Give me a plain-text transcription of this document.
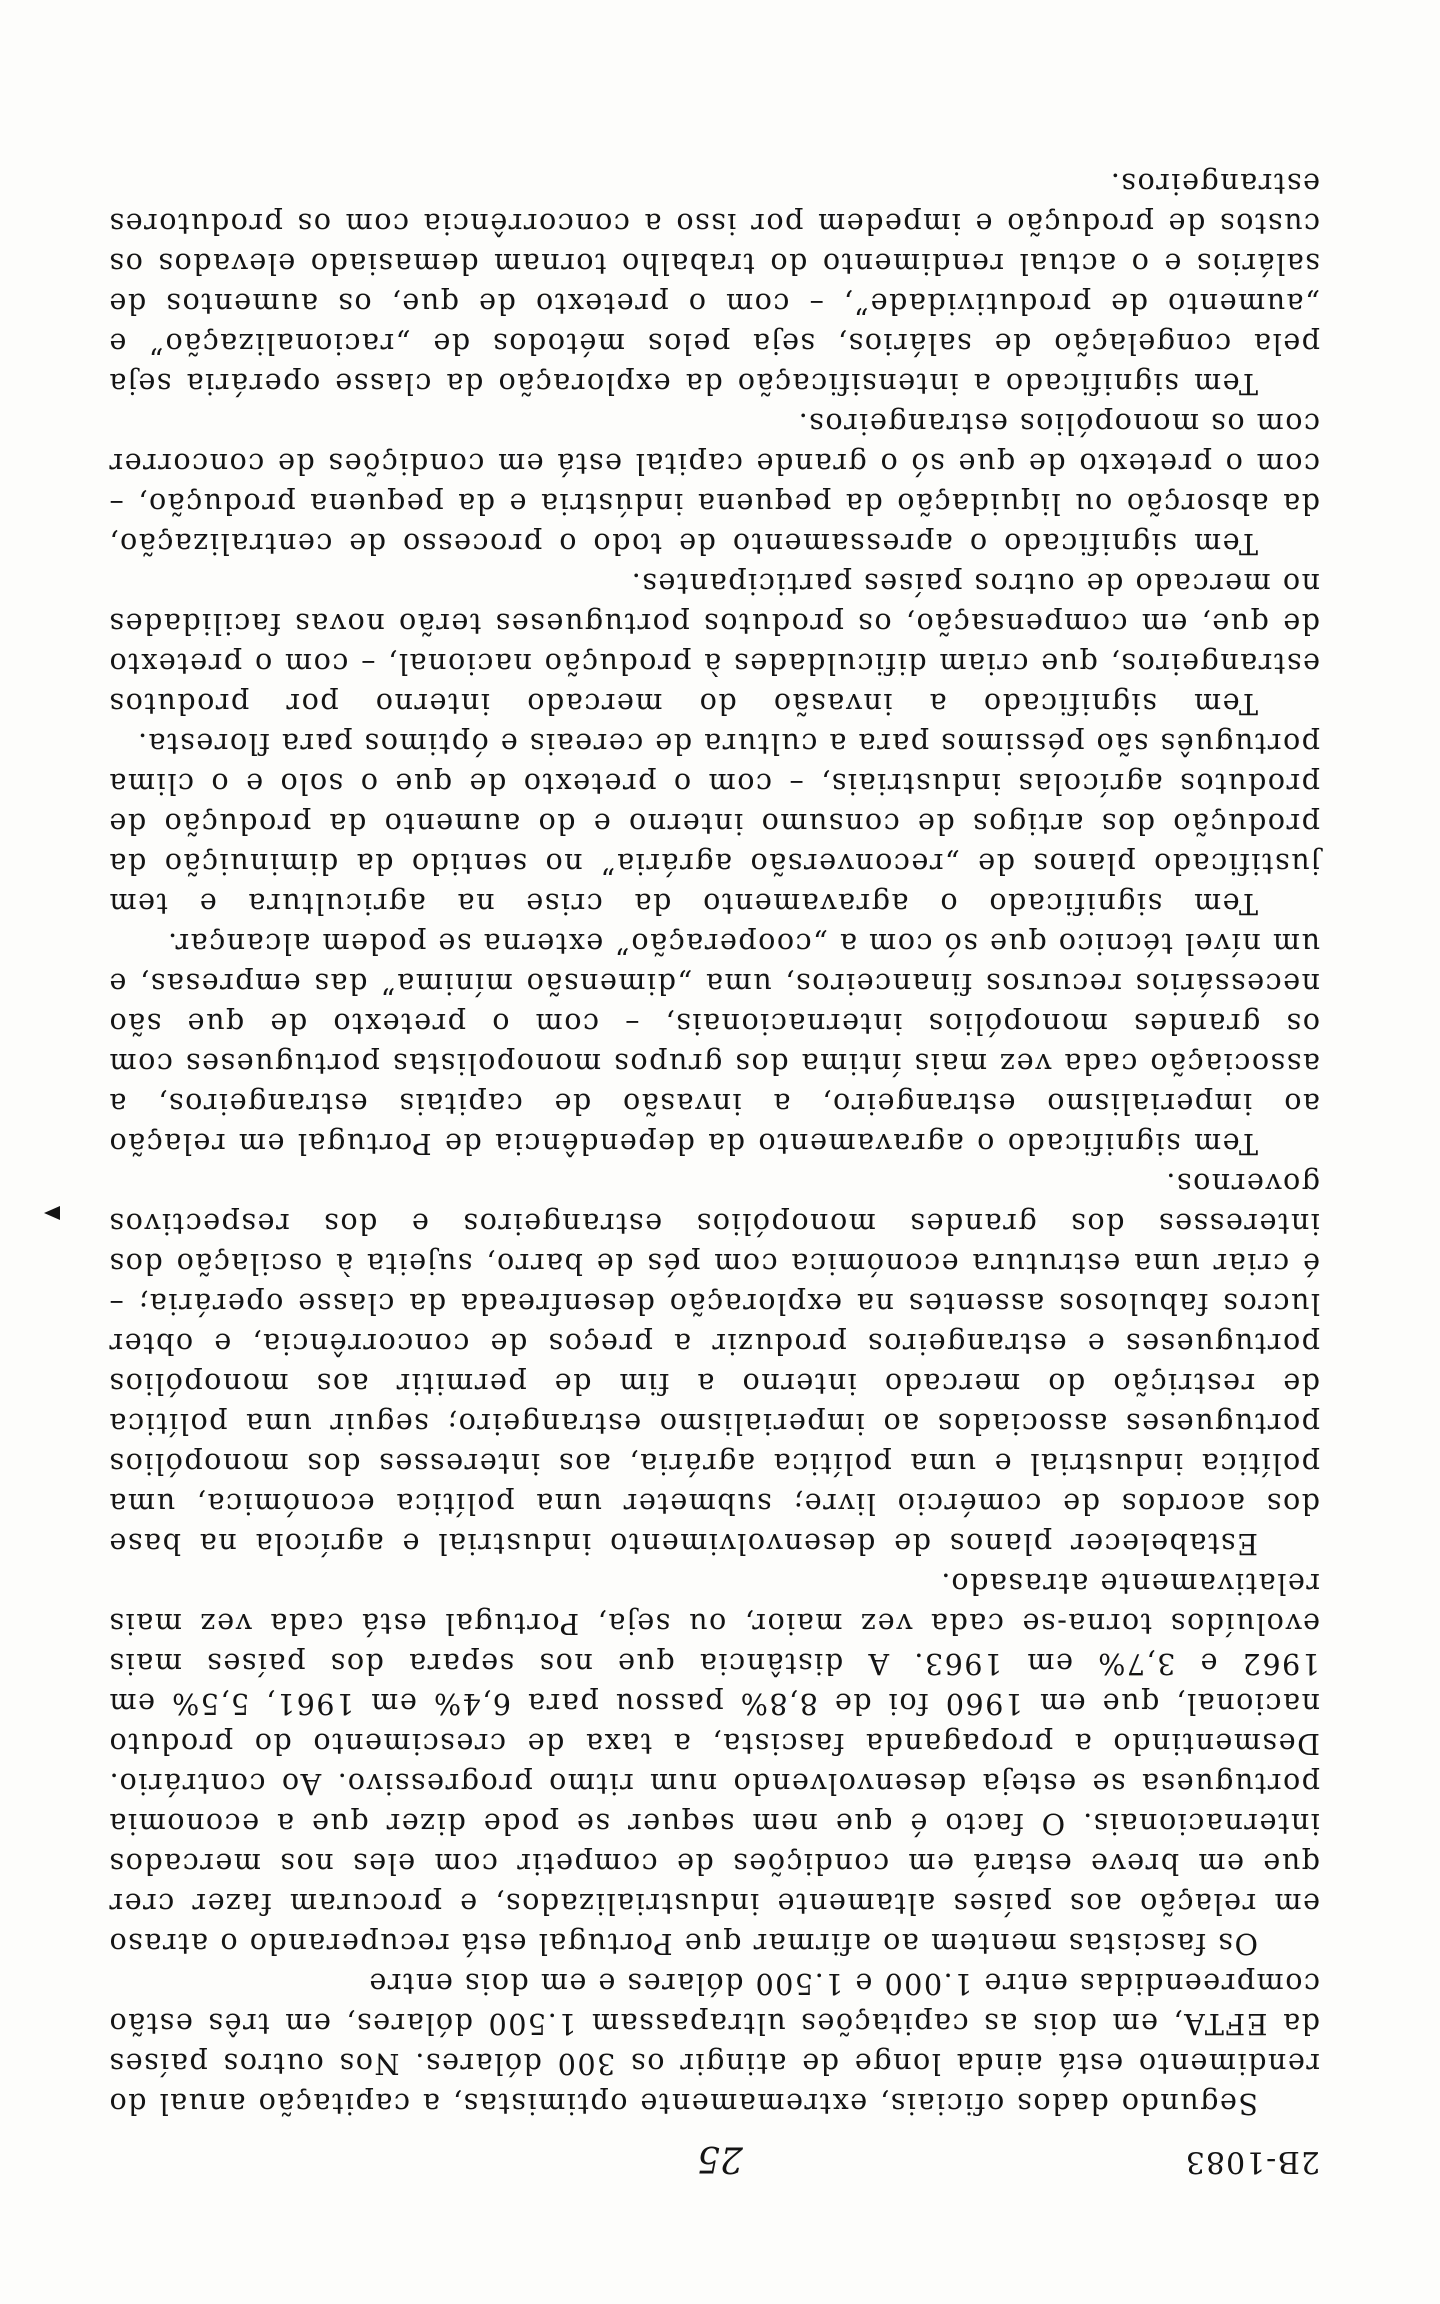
2B-1083
25

Segundo dados oficiais, extremamente optimistas, a capitação anual do rendimento está ainda longe de atingir os 300 dólares. Nos outros países da EFTA, em dois as capitações ultrapassam 1.500 dólares, em três estão compreendidas entre 1.000 e 1.500 dólares e em dois entre

Os fascistas mentem ao afirmar que Portugal está recuperando o atraso em relação aos países altamente industrializados, e procuram fazer crer que em breve estará em condições de competir com eles nos mercados internacionais. O facto é que nem sequer se pode dizer que a economia portuguesa se esteja desenvolvendo num ritmo progressivo. Ao contrário. Desmentindo a propaganda fascista, a taxa de crescimento do produto nacional, que em 1960 foi de 8,8% passou para 6,4% em 1961, 5,5% em 1962 e 3,7% em 1963. A distância que nos separa dos países mais evoluídos torna-se cada vez maior, ou seja, Portugal está cada vez mais relativamente atrasado.

Estabelecer planos de desenvolvimento industrial e agrícola na base dos acordos de comércio livre; submeter uma política económica, uma política industrial e uma política agrária, aos interesses dos monopólios portugueses associados ao imperialismo estrangeiro; seguir uma política de restrição do mercado interno a fim de permitir aos monopólios portugueses e estrangeiros produzir a preços de concorrência, e obter lucros fabulosos assentes na exploração desenfreada da classe operária; – é criar uma estrutura económica com pés de barro, sujeita à oscilação dos interesses dos grandes monopólios estrangeiros e dos respectivos governos.

Tem significado o agravamento da dependência de Portugal em relação ao imperialismo estrangeiro, a invasão de capitais estrangeiros, a associação cada vez mais íntima dos grupos monopolistas portugueses com os grandes monopólios internacionais, – com o pretexto de que são necessários recursos financeiros, uma „dimensão mínima” das empresas, e um nível técnico que só com a „cooperação” externa se podem alcançar.

Tem significado o agravamento da crise na agricultura e tem justificado planos de „reconversão agrária” no sentido da diminuição da produção dos artigos de consumo interno e do aumento da produção de produtos agrícolas industriais, – com o pretexto de que o solo e o clima português são péssimos para a cultura de cereais e óptimos para floresta.

Tem significado a invasão do mercado interno por produtos estrangeiros, que criam dificuldades à produção nacional, – com o pretexto de que, em compensação, os produtos portugueses terão novas facilidades no mercado de outros países participantes.

Tem significado o apressamento de todo o processo de centralização, da absorção ou liquidação da pequena indústria e da pequena produção, – com o pretexto de que só o grande capital está em condições de concorrer com os monopólios estrangeiros.

Tem significado a intensificação da exploração da classe operária seja pela congelação de salários, seja pelos métodos de „racionalização” e „aumento de produtividade”, – com o pretexto de que, os aumentos de salários e o actual rendimento do trabalho tornam demasiado elevados os custos de produção e impedem por isso a concorrência com os produtores estrangeiros.
